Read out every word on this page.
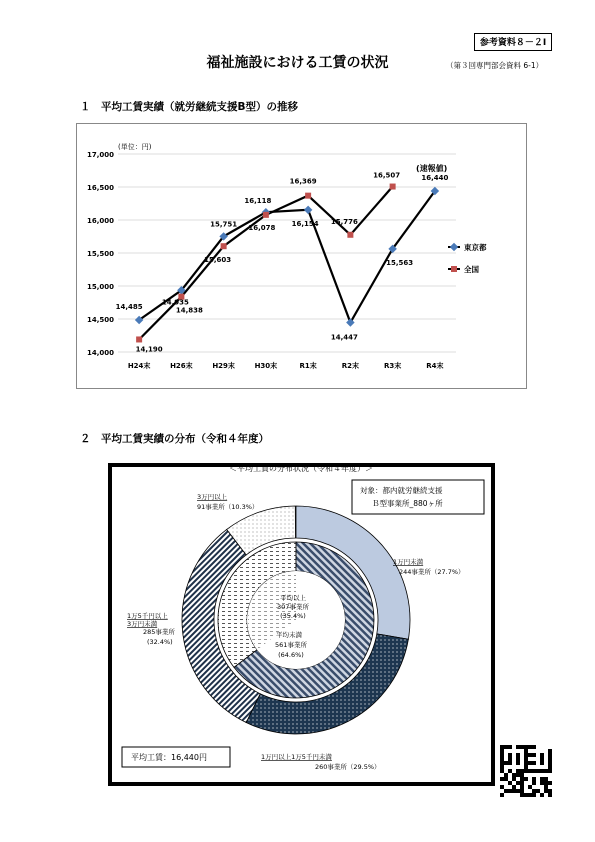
参考資料８－２I
福祉施設における工賃の状況	（第３回専門部会資料 6-1）
１　平均工賃実績（就労継続支援B型）の推移
(単位：円)
14,000
14,500
15,000
15,500
16,000
16,500
17,000
H24末	H26末	H29末	H30末	R1末	R2末	R3末	R4末
14,485
14,935
15,751
16,118
16,154
14,447
15,563
16,440
14,190
14,838
15,603
16,078
16,369
15,776
16,507
(速報値)
東京都
全国
２　平均工賃実績の分布（令和４年度）
＜平均工賃の分布状況（令和４年度）＞
対象：都内就労継続支援
Ｂ型事業所_880ヶ所
平均工賃：16,440円
3万円以上
91事業所（10.3%）
1万円未満
244事業所（27.7%）
1万5千円以上
3万円未満
285事業所
(32.4%)
1万円以上1万5千円未満
260事業所（29.5%）
平均以上
307事業所
(35.4%)
平均未満
561事業所
(64.6%)
